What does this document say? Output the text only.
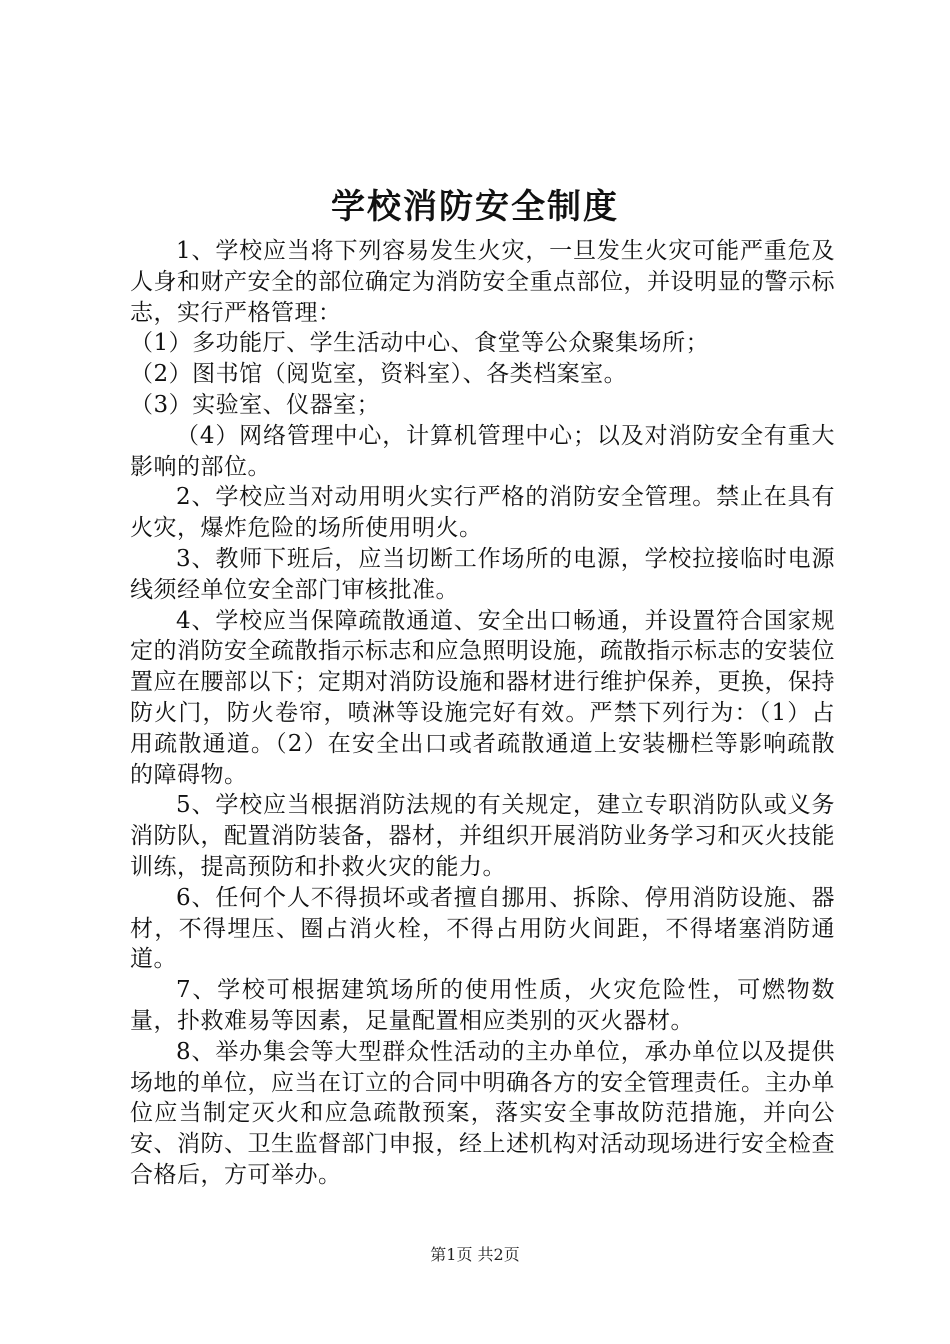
学校消防安全制度

1、学校应当将下列容易发生火灾，一旦发生火灾可能严重危及人身和财产安全的部位确定为消防安全重点部位，并设明显的警示标志，实行严格管理：

（1）多功能厅、学生活动中心、食堂等公众聚集场所；

（2）图书馆（阅览室，资料室）、各类档案室。

（3）实验室、仪器室；

（4）网络管理中心，计算机管理中心；以及对消防安全有重大影响的部位。

2、学校应当对动用明火实行严格的消防安全管理。禁止在具有火灾，爆炸危险的场所使用明火。

3、教师下班后，应当切断工作场所的电源，学校拉接临时电源线须经单位安全部门审核批准。

4、学校应当保障疏散通道、安全出口畅通，并设置符合国家规定的消防安全疏散指示标志和应急照明设施，疏散指示标志的安装位置应在腰部以下；定期对消防设施和器材进行维护保养，更换，保持防火门，防火卷帘，喷淋等设施完好有效。严禁下列行为：（1）占用疏散通道。（2）在安全出口或者疏散通道上安装栅栏等影响疏散的障碍物。

5、学校应当根据消防法规的有关规定，建立专职消防队或义务消防队，配置消防装备，器材，并组织开展消防业务学习和灭火技能训练，提高预防和扑救火灾的能力。

6、任何个人不得损坏或者擅自挪用、拆除、停用消防设施、器材，不得埋压、圈占消火栓，不得占用防火间距，不得堵塞消防通道。

7、学校可根据建筑场所的使用性质，火灾危险性，可燃物数量，扑救难易等因素，足量配置相应类别的灭火器材。

8、举办集会等大型群众性活动的主办单位，承办单位以及提供场地的单位，应当在订立的合同中明确各方的安全管理责任。主办单位应当制定灭火和应急疏散预案，落实安全事故防范措施，并向公安、消防、卫生监督部门申报，经上述机构对活动现场进行安全检查合格后，方可举办。

第1页 共2页
